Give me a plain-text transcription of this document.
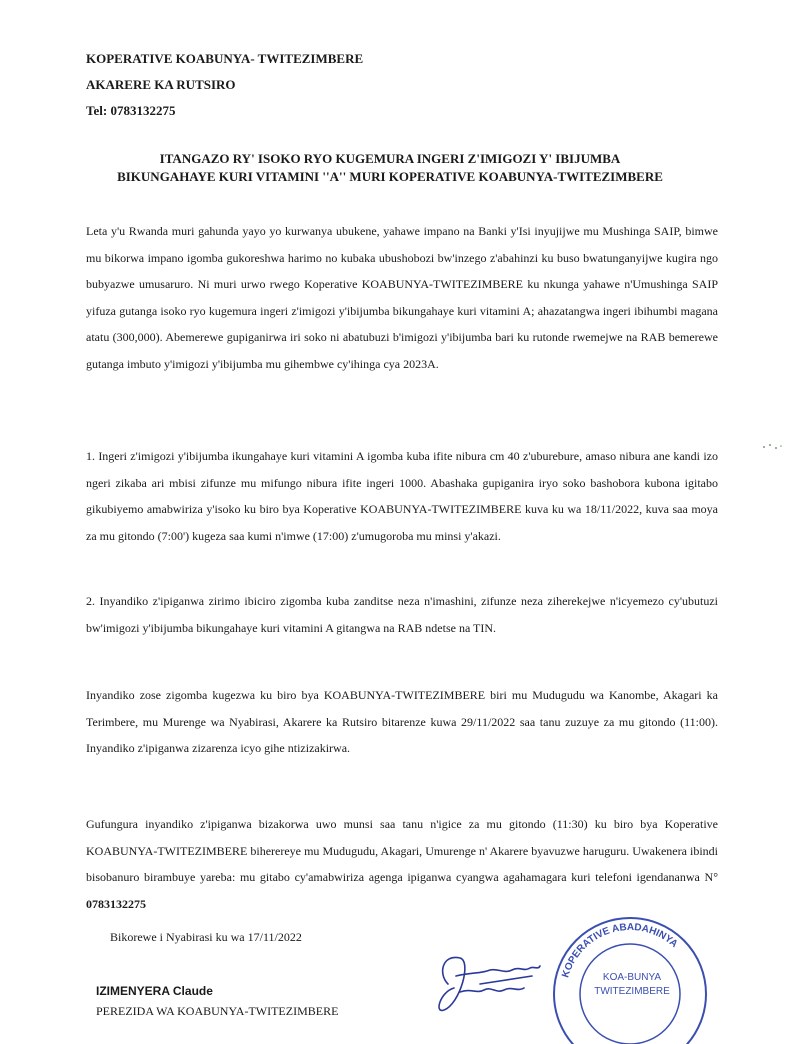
KOPERATIVE KOABUNYA- TWITEZIMBERE
AKARERE KA RUTSIRO
Tel: 0783132275
ITANGAZO RY' ISOKO RYO KUGEMURA INGERI Z'IMIGOZI Y' IBIJUMBA BIKUNGAHAYE KURI VITAMINI ''A'' MURI KOPERATIVE KOABUNYA-TWITEZIMBERE
Leta y'u Rwanda muri gahunda yayo yo kurwanya ubukene, yahawe impano na Banki y'Isi inyujijwe mu Mushinga SAIP, bimwe mu bikorwa impano igomba gukoreshwa harimo no kubaka ubushobozi bw'inzego z'abahinzi ku buso bwatunganyijwe kugira ngo bubyazwe umusaruro. Ni muri urwo rwego Koperative KOABUNYA-TWITEZIMBERE ku nkunga yahawe n'Umushinga SAIP yifuza gutanga isoko ryo kugemura ingeri z'imigozi y'ibijumba bikungahaye kuri vitamini A; ahazatangwa ingeri ibihumbi magana atatu (300,000). Abemerewe gupiganirwa iri soko ni abatubuzi b'imigozi y'ibijumba bari ku rutonde rwemejwe na RAB bemerewe gutanga imbuto y'imigozi y'ibijumba mu gihembwe cy'ihinga cya 2023A.
1. Ingeri z'imigozi y'ibijumba ikungahaye kuri vitamini A igomba kuba ifite nibura cm 40 z'uburebure, amaso nibura ane kandi izo ngeri zikaba ari mbisi zifunze mu mifungo nibura ifite ingeri 1000. Abashaka gupiganira iryo soko bashobora kubona igitabo gikubiyemo amabwiriza y'isoko ku biro bya Koperative KOABUNYA-TWITEZIMBERE kuva ku wa 18/11/2022, kuva saa moya za mu gitondo (7:00') kugeza saa kumi n'imwe (17:00) z'umugoroba mu minsi y'akazi.
2. Inyandiko z'ipiganwa zirimo ibiciro zigomba kuba zanditse neza n'imashini, zifunze neza ziherekejwe n'icyemezo cy'ubutuzi bw'imigozi y'ibijumba bikungahaye kuri vitamini A gitangwa na RAB ndetse na TIN.
Inyandiko zose zigomba kugezwa ku biro bya KOABUNYA-TWITEZIMBERE biri mu Mudugudu wa Kanombe, Akagari ka Terimbere, mu Murenge wa Nyabirasi, Akarere ka Rutsiro bitarenze kuwa 29/11/2022 saa tanu zuzuye za mu gitondo (11:00). Inyandiko z'ipiganwa zizarenza icyo gihe ntizizakirwa.
Gufungura inyandiko z'ipiganwa bizakorwa uwo munsi saa tanu n'igice za mu gitondo (11:30) ku biro bya Koperative KOABUNYA-TWITEZIMBERE biherereye mu Mudugudu, Akagari, Umurenge n' Akarere byavuzwe haruguru. Uwakenera ibindi bisobanuro birambuye yareba: mu gitabo cy'amabwiriza agenga ipiganwa cyangwa agahamagara kuri telefoni igendananwa N° 0783132275
Bikorewe i Nyabirasi ku wa 17/11/2022
IZIMENYERA Claude
PEREZIDA WA KOABUNYA-TWITEZIMBERE
KOPERATIVE ABADAHINYA
KOA-BUNYA
TWITEZIMBERE
